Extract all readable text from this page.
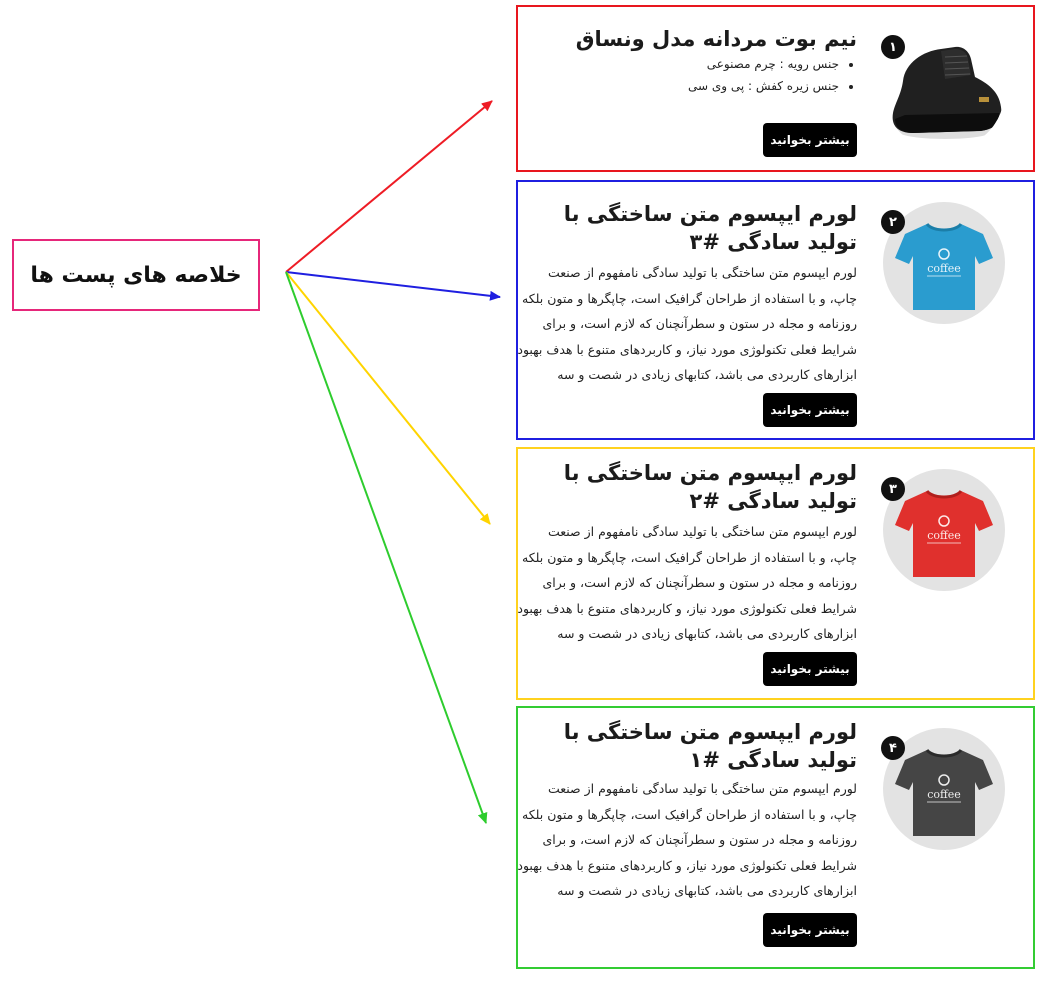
خلاصه های پست ها
۱
نیم بوت مردانه مدل ونساق
• جنس رویه : چرم مصنوعی
• جنس زیره کفش : پی وی سی
بیشتر بخوانید
۲
coffee
لورم ایپسوم متن ساختگی با تولید سادگی #۳

لورم ایپسوم متن ساختگی با تولید سادگی نامفهوم از صنعت چاپ، و با استفاده از طراحان گرافیک است، چاپگرها و متون بلکه روزنامه و مجله در ستون و سطرآنچنان که لازم است، و برای شرایط فعلی تکنولوژی مورد نیاز، و کاربردهای متنوع با هدف بهبود ابزارهای کاربردی می باشد، کتابهای زیادی در شصت و سه

بیشتر بخوانید
۳
coffee
لورم ایپسوم متن ساختگی با تولید سادگی #۲

لورم ایپسوم متن ساختگی با تولید سادگی نامفهوم از صنعت چاپ، و با استفاده از طراحان گرافیک است، چاپگرها و متون بلکه روزنامه و مجله در ستون و سطرآنچنان که لازم است، و برای شرایط فعلی تکنولوژی مورد نیاز، و کاربردهای متنوع با هدف بهبود ابزارهای کاربردی می باشد، کتابهای زیادی در شصت و سه

بیشتر بخوانید
۴
coffee
لورم ایپسوم متن ساختگی با تولید سادگی #۱

لورم ایپسوم متن ساختگی با تولید سادگی نامفهوم از صنعت چاپ، و با استفاده از طراحان گرافیک است، چاپگرها و متون بلکه روزنامه و مجله در ستون و سطرآنچنان که لازم است، و برای شرایط فعلی تکنولوژی مورد نیاز، و کاربردهای متنوع با هدف بهبود ابزارهای کاربردی می باشد، کتابهای زیادی در شصت و سه

بیشتر بخوانید
